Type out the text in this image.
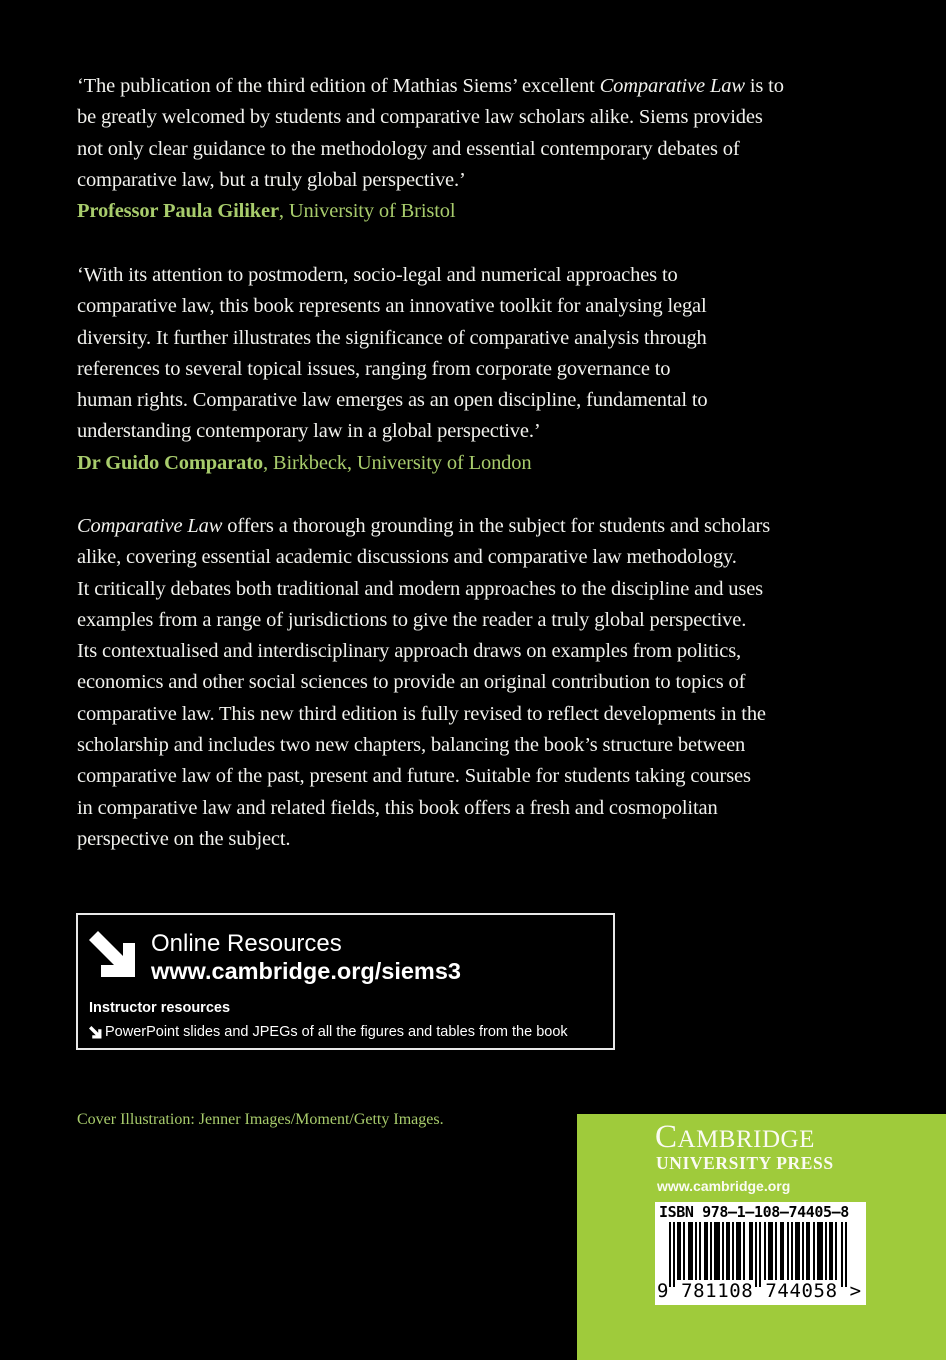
‘The publication of the third edition of Mathias Siems’ excellent Comparative Law is to
be greatly welcomed by students and comparative law scholars alike. Siems provides
not only clear guidance to the methodology and essential contemporary debates of
comparative law, but a truly global perspective.’
Professor Paula Giliker, University of Bristol
‘With its attention to postmodern, socio-legal and numerical approaches to
comparative law, this book represents an innovative toolkit for analysing legal
diversity. It further illustrates the significance of comparative analysis through
references to several topical issues, ranging from corporate governance to
human rights. Comparative law emerges as an open discipline, fundamental to
understanding contemporary law in a global perspective.’
Dr Guido Comparato, Birkbeck, University of London
Comparative Law offers a thorough grounding in the subject for students and scholars
alike, covering essential academic discussions and comparative law methodology.
It critically debates both traditional and modern approaches to the discipline and uses
examples from a range of jurisdictions to give the reader a truly global perspective.
Its contextualised and interdisciplinary approach draws on examples from politics,
economics and other social sciences to provide an original contribution to topics of
comparative law. This new third edition is fully revised to reflect developments in the
scholarship and includes two new chapters, balancing the book’s structure between
comparative law of the past, present and future. Suitable for students taking courses
in comparative law and related fields, this book offers a fresh and cosmopolitan
perspective on the subject.
Online Resources
www.cambridge.org/siems3
Instructor resources
PowerPoint slides and JPEGs of all the figures and tables from the book
Cover Illustration: Jenner Images/Moment/Getty Images.	CAMBRIDGE
UNIVERSITY PRESS
www.cambridge.org
ISBN 978–1–108–74405–8
9 781108 744058 >
